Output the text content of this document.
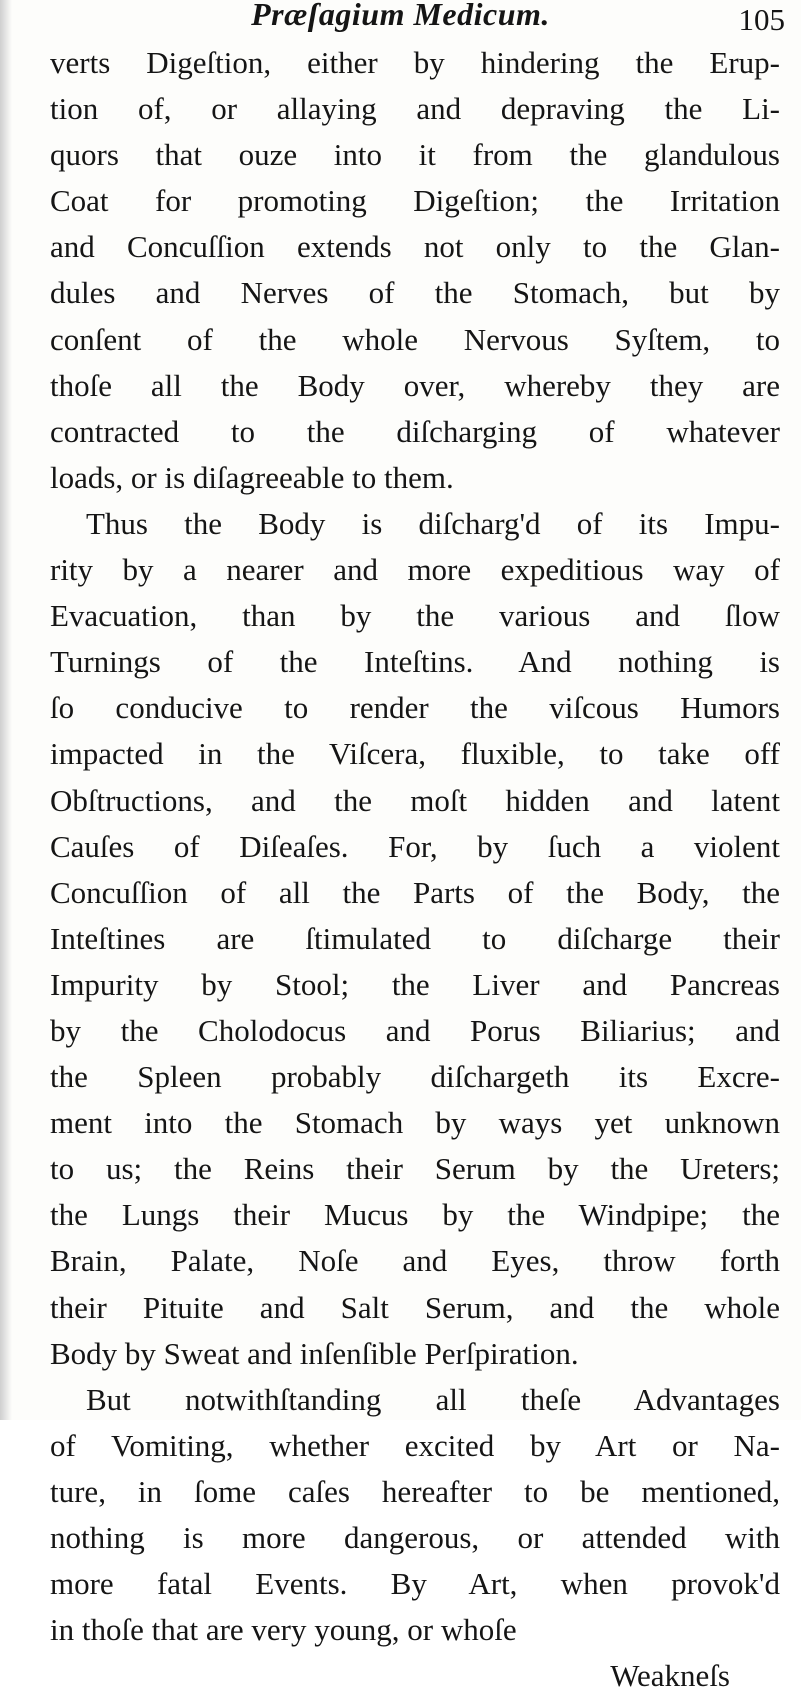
Præſagium Medicum.	105
verts Digeſtion, either by hindering the Erup-
tion of, or allaying and depraving the Li-
quors that ouze into it from the glandulous
Coat for promoting Digeſtion; the Irritation
and Concuſſion extends not only to the Glan-
dules and Nerves of the Stomach, but by
conſent of the whole Nervous Syſtem, to
thoſe all the Body over, whereby they are
contracted to the diſcharging of whatever
loads, or is diſagreeable to them.
Thus the Body is diſcharg'd of its Impu-
rity by a nearer and more expeditious way of
Evacuation, than by the various and ſlow
Turnings of the Inteſtins. And nothing is
ſo conducive to render the viſcous Humors
impacted in the Viſcera, fluxible, to take off
Obſtructions, and the moſt hidden and latent
Cauſes of Diſeaſes. For, by ſuch a violent
Concuſſion of all the Parts of the Body, the
Inteſtines are ſtimulated to diſcharge their
Impurity by Stool; the Liver and Pancreas
by the Cholodocus and Porus Biliarius; and
the Spleen probably diſchargeth its Excre-
ment into the Stomach by ways yet unknown
to us; the Reins their Serum by the Ureters;
the Lungs their Mucus by the Windpipe; the
Brain, Palate, Noſe and Eyes, throw forth
their Pituite and Salt Serum, and the whole
Body by Sweat and inſenſible Perſpiration.
But notwithſtanding all theſe Advantages
of Vomiting, whether excited by Art or Na-
ture, in ſome caſes hereafter to be mentioned,
nothing is more dangerous, or attended with
more fatal Events. By Art, when provok'd
in thoſe that are very young, or whoſe
Weakneſs
